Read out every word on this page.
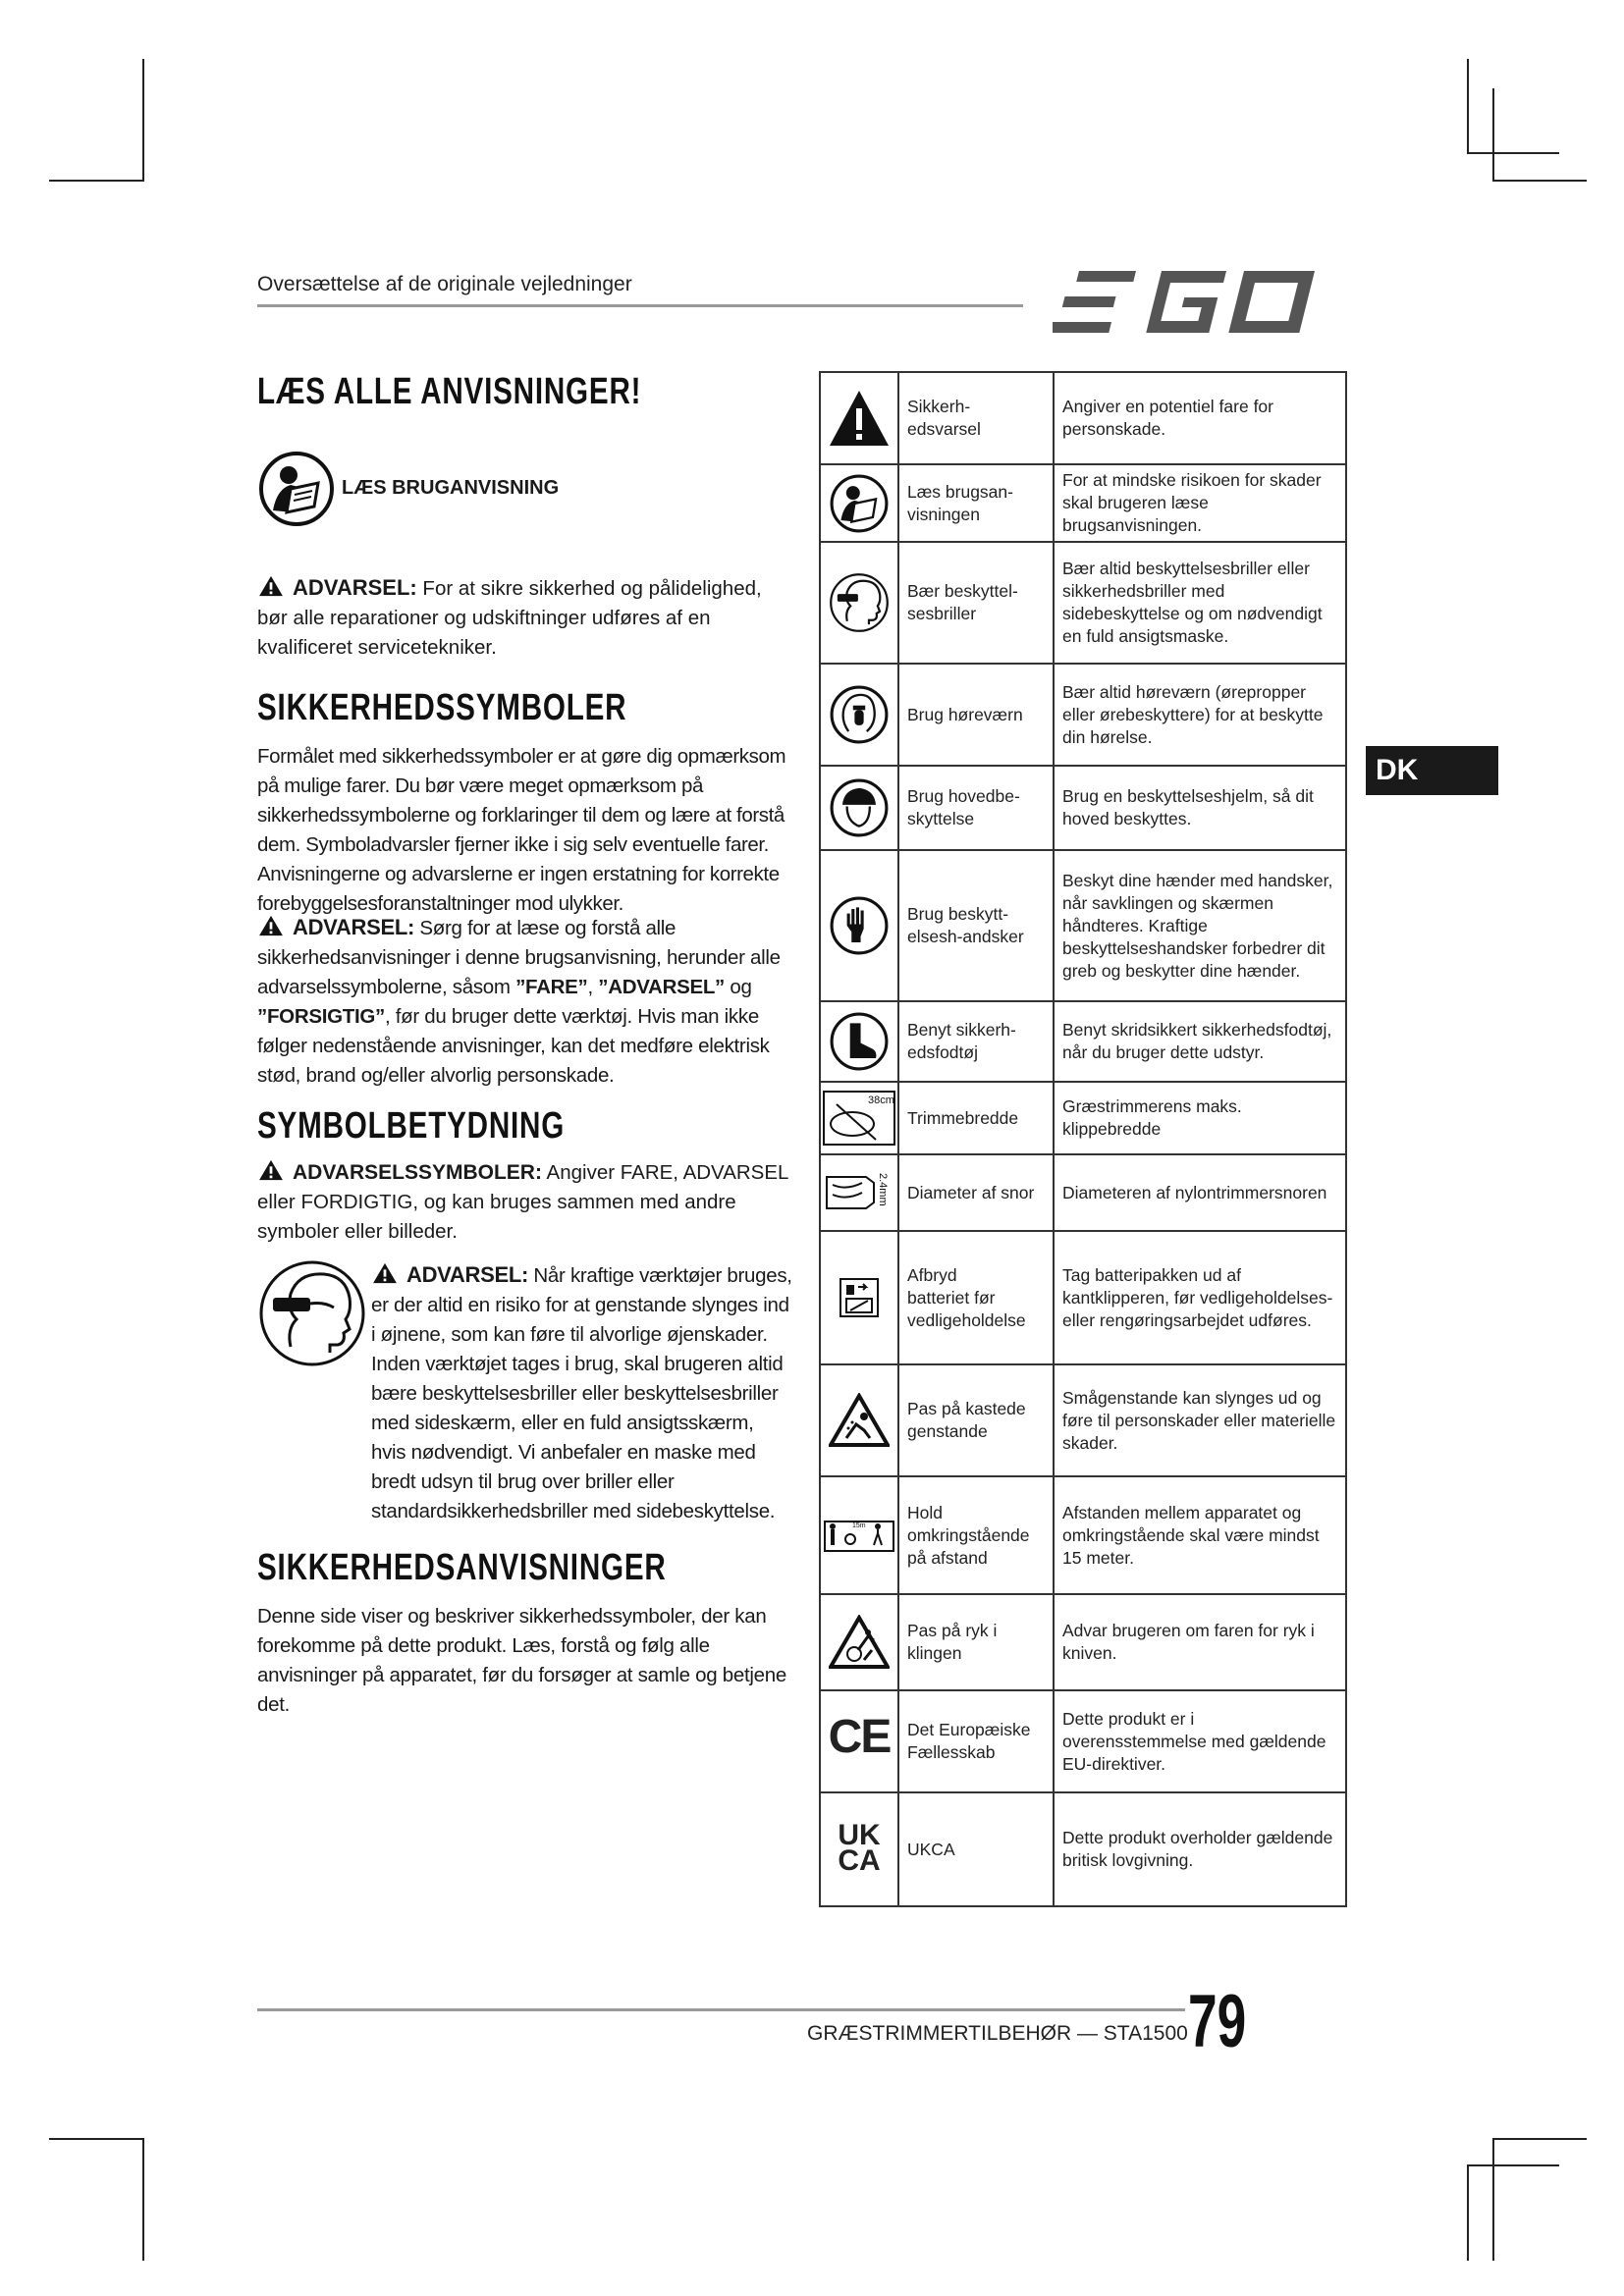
Oversættelse af de originale vejledninger
EGO
LÆS ALLE ANVISNINGER!
LÆS BRUGANVISNING
ADVARSEL: For at sikre sikkerhed og pålidelighed, bør alle reparationer og udskiftninger udføres af en kvalificeret servicetekniker.
SIKKERHEDSSYMBOLER
Formålet med sikkerhedssymboler er at gøre dig opmærksom på mulige farer. Du bør være meget opmærksom på sikkerhedssymbolerne og forklaringer til dem og lære at forstå dem. Symboladvarsler fjerner ikke i sig selv eventuelle farer. Anvisningerne og advarslerne er ingen erstatning for korrekte forebyggelsesforanstaltninger mod ulykker.
ADVARSEL: Sørg for at læse og forstå alle sikkerhedsanvisninger i denne brugsanvisning, herunder alle advarselssymbolerne, såsom ”FARE”, ”ADVARSEL” og ”FORSIGTIG”, før du bruger dette værktøj. Hvis man ikke følger nedenstående anvisninger, kan det medføre elektrisk stød, brand og/eller alvorlig personskade.
SYMBOLBETYDNING
ADVARSELSSYMBOLER: Angiver FARE, ADVARSEL eller FORDIGTIG, og kan bruges sammen med andre symboler eller billeder.
ADVARSEL: Når kraftige værktøjer bruges, er der altid en risiko for at genstande slynges ind i øjnene, som kan føre til alvorlige øjenskader. Inden værktøjet tages i brug, skal brugeren altid bære beskyttelsesbriller eller beskyttelsesbriller med sideskærm, eller en fuld ansigtsskærm, hvis nødvendigt. Vi anbefaler en maske med bredt udsyn til brug over briller eller standardsikkerhedsbriller med sidebeskyttelse.
SIKKERHEDSANVISNINGER
Denne side viser og beskriver sikkerhedssymboler, der kan forekomme på dette produkt. Læs, forstå og følg alle anvisninger på apparatet, før du forsøger at samle og betjene det.
	Sikkerh-
edsvarsel	Angiver en potentiel fare for personskade.

	Læs brugsan-
visningen	For at mindske risikoen for skader skal brugeren læse brugsanvisningen.

	Bær beskyttel-
sesbriller	Bær altid beskyttelsesbriller eller sikkerhedsbriller med sidebeskyttelse og om nødvendigt en fuld ansigtsmaske.

	Brug høreværn	Bær altid høreværn (ørepropper eller ørebeskyttere) for at beskytte din hørelse.

	Brug hovedbe-
skyttelse	Brug en beskyttelseshjelm, så dit hoved beskyttes.

	Brug beskytt-
elsesh-andsker	Beskyt dine hænder med handsker, når savklingen og skærmen håndteres. Kraftige beskyttelseshandsker forbedrer dit greb og beskytter dine hænder.

	Benyt sikkerh-
edsfodtøj	Benyt skridsikkert sikkerhedsfodtøj, når du bruger dette udstyr.

38cm	Trimmebredde	Græstrimmerens maks. klippebredde

2.4mm	Diameter af snor	Diameteren af nylontrimmersnoren

	Afbryd
batteriet før
vedligeholdelse	Tag batteripakken ud af kantklipperen, før vedligeholdelses- eller rengøringsarbejdet udføres.

	Pas på kastede
genstande	Smågenstande kan slynges ud og føre til personskader eller materielle skader.

15m	Hold
omkringstående
på afstand	Afstanden mellem apparatet og omkringstående skal være mindst 15 meter.

	Pas på ryk i
klingen	Advar brugeren om faren for ryk i kniven.
CE	Det Europæiske
Fællesskab	Dette produkt er i overensstemmelse med gældende EU-direktiver.
UK
CA	UKCA	Dette produkt overholder gældende britisk lovgivning.
DK
GRÆSTRIMMERTILBEHØR — STA1500 79
